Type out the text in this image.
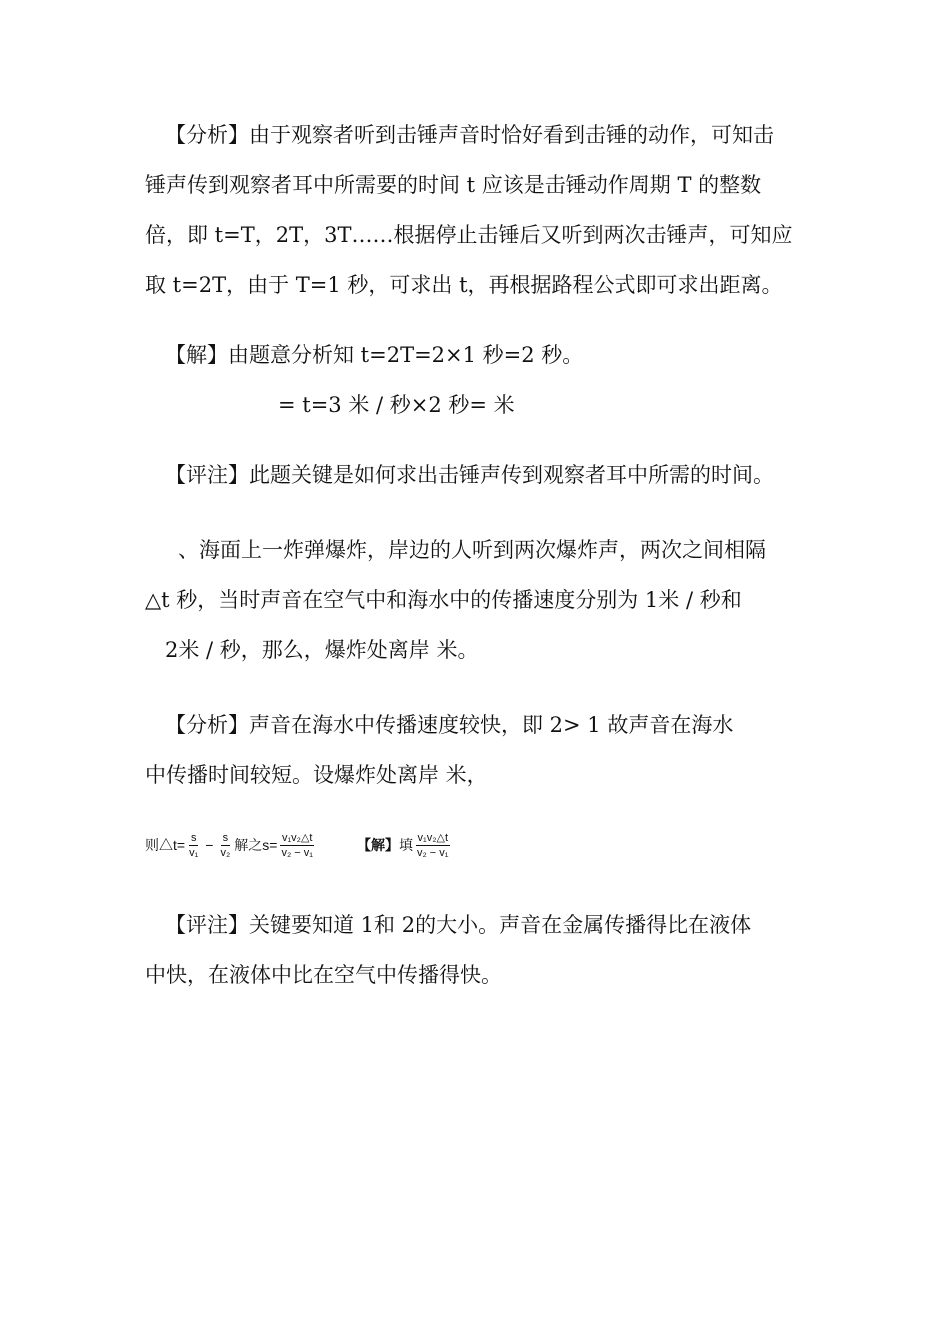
【分析】由于观察者听到击锤声音时恰好看到击锤的动作，可知击

锤声传到观察者耳中所需要的时间 t 应该是击锤动作周期 T 的整数

倍，即 t=T，2T，3T……根据停止击锤后又听到两次击锤声，可知应

取 t=2T，由于 T=1 秒，可求出 t，再根据路程公式即可求出距离。

【解】由题意分析知 t=2T=2×1 秒=2 秒。

= t=3 米 / 秒×2 秒= 米

【评注】此题关键是如何求出击锤声传到观察者耳中所需的时间。

、海面上一炸弹爆炸，岸边的人听到两次爆炸声，两次之间相隔

△t 秒，当时声音在空气中和海水中的传播速度分别为 1米 / 秒和

2米 / 秒，那么，爆炸处离岸 米。

【分析】声音在海水中传播速度较快，即 2> 1 故声音在海水

中传播时间较短。设爆炸处离岸 米，

则△t= $\frac{s}{\text{v₁}} - \frac{s}{\text{v₂}}$ 解之$s= \frac{\text{v₁v₂△t}}{\text{v₂ − v₁}}$	【解】 填 $\frac{\text{v₁v₂△t}}{\text{v₂ − v₁}}$

【评注】关键要知道 1和 2的大小。声音在金属传播得比在液体

中快，在液体中比在空气中传播得快。
